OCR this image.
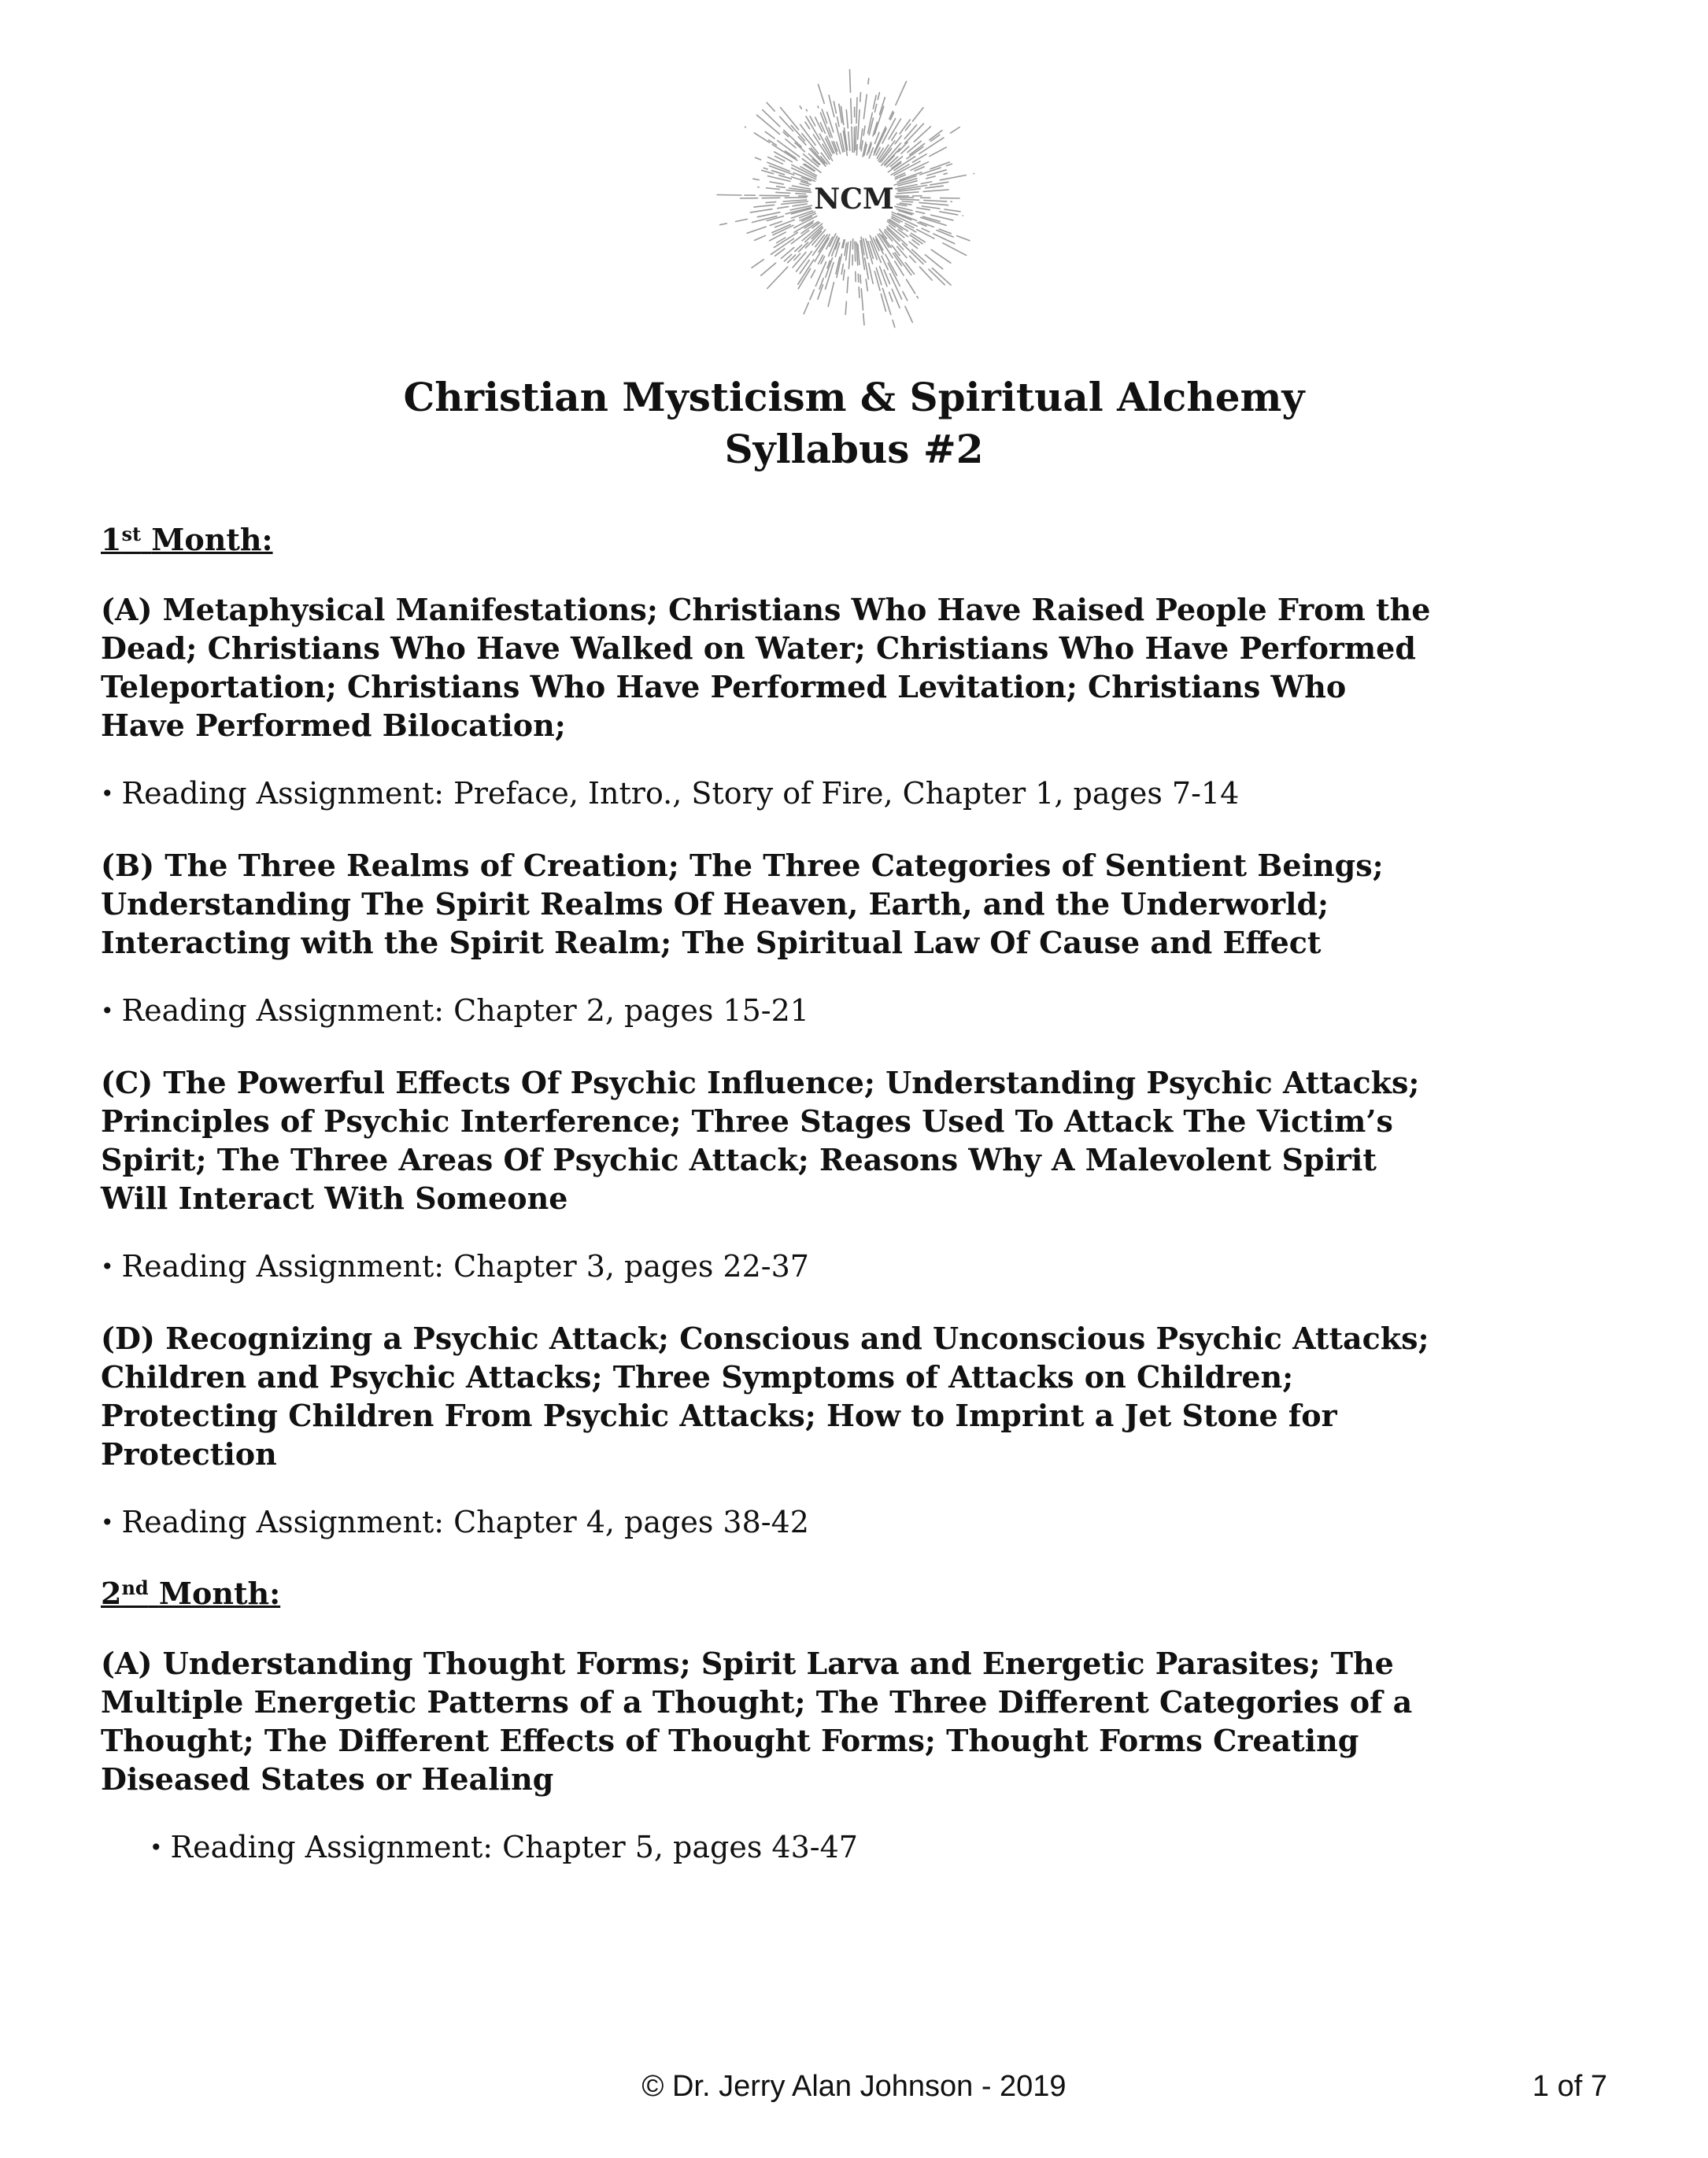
NCM
Christian Mysticism & Spiritual Alchemy
Syllabus #2
1st Month:
(A) Metaphysical Manifestations; Christians Who Have Raised People From the Dead; Christians Who Have Walked on Water; Christians Who Have Performed Teleportation; Christians Who Have Performed Levitation; Christians Who Have Performed Bilocation;
• Reading Assignment: Preface, Intro., Story of Fire, Chapter 1, pages 7-14
(B) The Three Realms of Creation; The Three Categories of Sentient Beings; Understanding The Spirit Realms Of Heaven, Earth, and the Underworld; Interacting with the Spirit Realm; The Spiritual Law Of Cause and Effect
• Reading Assignment: Chapter 2, pages 15-21
(C) The Powerful Effects Of Psychic Influence; Understanding Psychic Attacks; Principles of Psychic Interference; Three Stages Used To Attack The Victim’s Spirit; The Three Areas Of Psychic Attack; Reasons Why A Malevolent Spirit Will Interact With Someone
• Reading Assignment: Chapter 3, pages 22-37
(D) Recognizing a Psychic Attack; Conscious and Unconscious Psychic Attacks; Children and Psychic Attacks; Three Symptoms of Attacks on Children; Protecting Children From Psychic Attacks; How to Imprint a Jet Stone for Protection
• Reading Assignment: Chapter 4, pages 38-42
2nd Month:
(A) Understanding Thought Forms; Spirit Larva and Energetic Parasites; The Multiple Energetic Patterns of a Thought; The Three Different Categories of a Thought; The Different Effects of Thought Forms; Thought Forms Creating Diseased States or Healing
• Reading Assignment: Chapter 5, pages 43-47
© Dr. Jerry Alan Johnson - 2019	1 of 7
